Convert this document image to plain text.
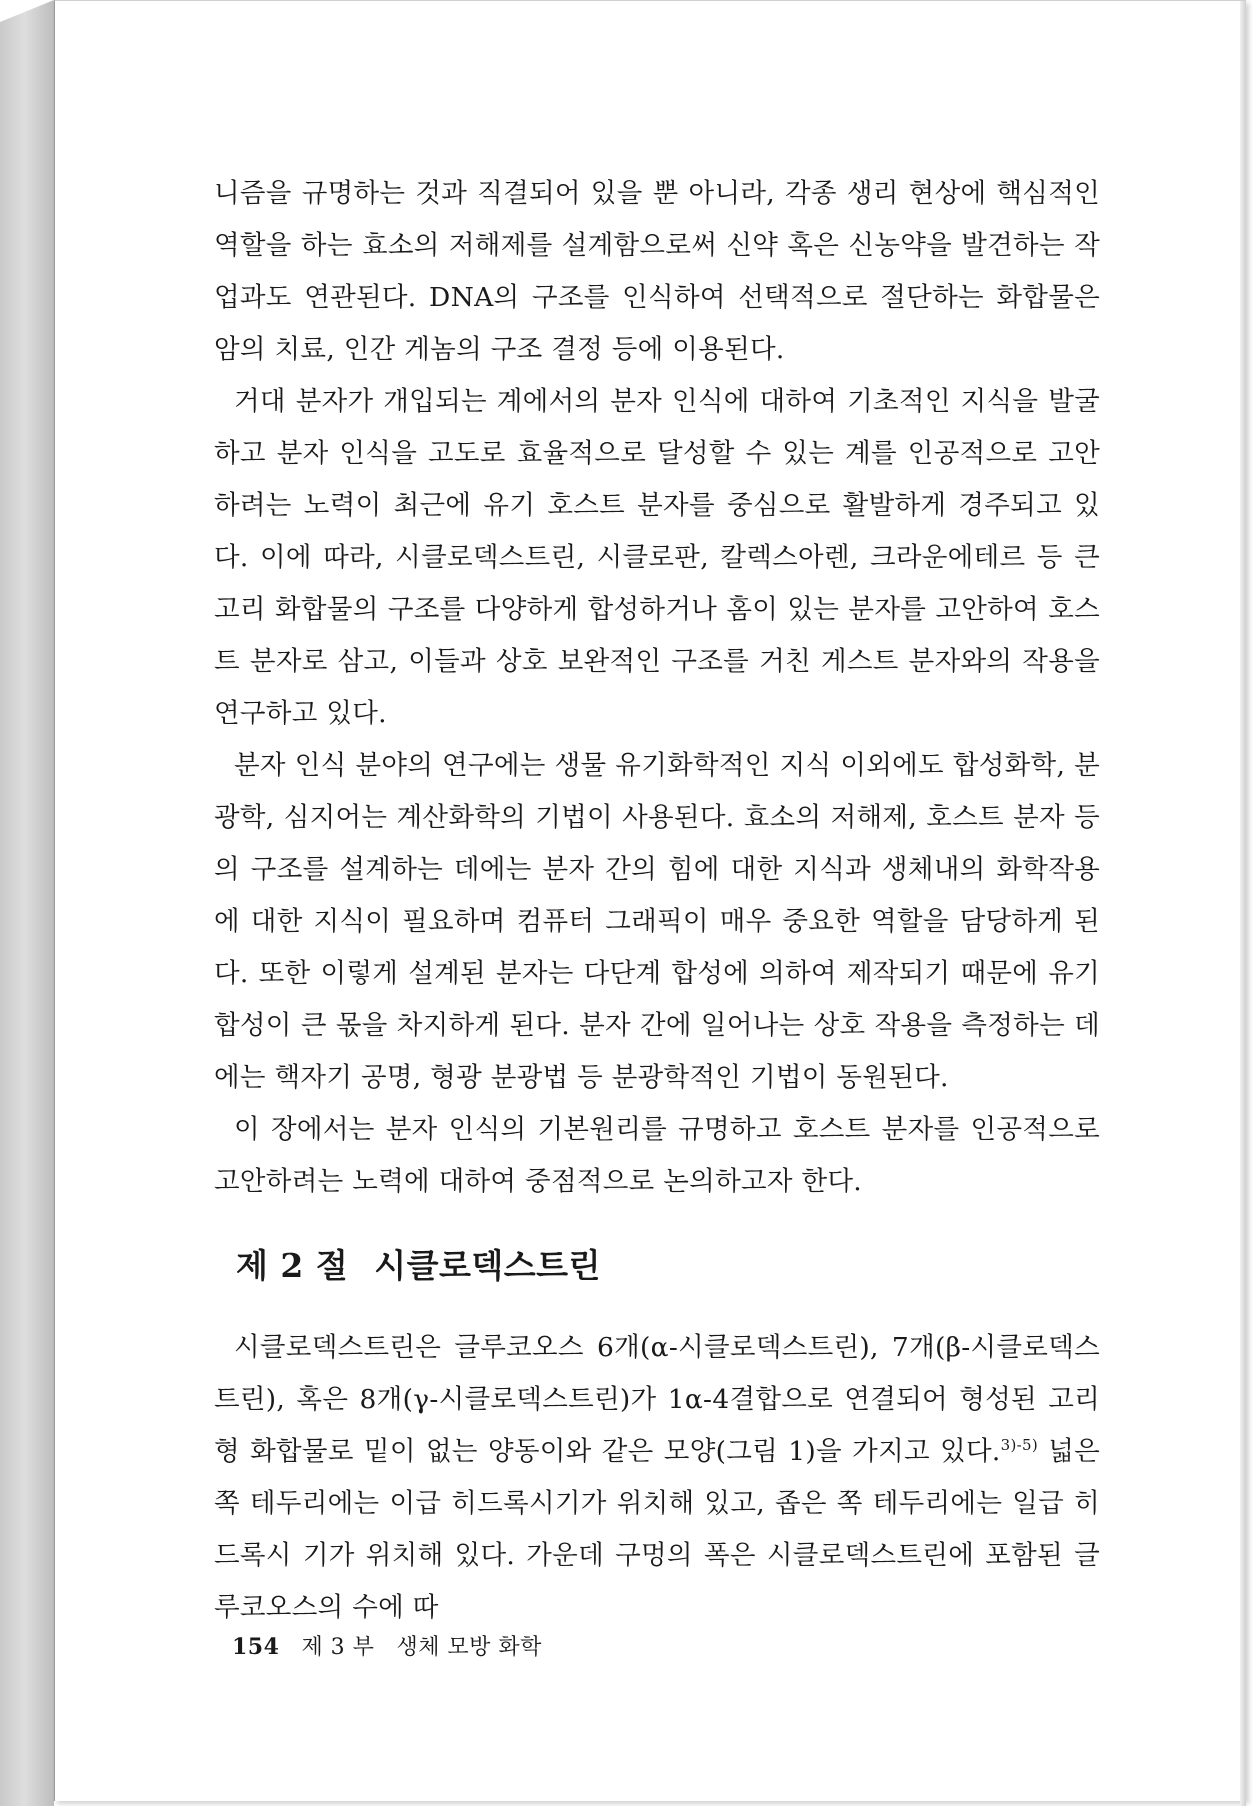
니즘을 규명하는 것과 직결되어 있을 뿐 아니라, 각종 생리 현상에 핵심적인 역할을 하는 효소의 저해제를 설계함으로써 신약 혹은 신농약을 발견하는 작업과도 연관된다. DNA의 구조를 인식하여 선택적으로 절단하는 화합물은 암의 치료, 인간 게놈의 구조 결정 등에 이용된다.

거대 분자가 개입되는 계에서의 분자 인식에 대하여 기초적인 지식을 발굴하고 분자 인식을 고도로 효율적으로 달성할 수 있는 계를 인공적으로 고안하려는 노력이 최근에 유기 호스트 분자를 중심으로 활발하게 경주되고 있다. 이에 따라, 시클로덱스트린, 시클로판, 칼렉스아렌, 크라운에테르 등 큰 고리 화합물의 구조를 다양하게 합성하거나 홈이 있는 분자를 고안하여 호스트 분자로 삼고, 이들과 상호 보완적인 구조를 거친 게스트 분자와의 작용을 연구하고 있다.

분자 인식 분야의 연구에는 생물 유기화학적인 지식 이외에도 합성화학, 분광학, 심지어는 계산화학의 기법이 사용된다. 효소의 저해제, 호스트 분자 등의 구조를 설계하는 데에는 분자 간의 힘에 대한 지식과 생체내의 화학작용에 대한 지식이 필요하며 컴퓨터 그래픽이 매우 중요한 역할을 담당하게 된다. 또한 이렇게 설계된 분자는 다단계 합성에 의하여 제작되기 때문에 유기합성이 큰 몫을 차지하게 된다. 분자 간에 일어나는 상호 작용을 측정하는 데에는 핵자기 공명, 형광 분광법 등 분광학적인 기법이 동원된다.

이 장에서는 분자 인식의 기본원리를 규명하고 호스트 분자를 인공적으로 고안하려는 노력에 대하여 중점적으로 논의하고자 한다.

제 2 절 시클로덱스트린

시클로덱스트린은 글루코오스 6개(α-시클로덱스트린), 7개(β-시클로덱스트린), 혹은 8개(γ-시클로덱스트린)가 1α-4결합으로 연결되어 형성된 고리형 화합물로 밑이 없는 양동이와 같은 모양(그림 1)을 가지고 있다.$^{3)-5)}$ 넓은 쪽 테두리에는 이급 히드록시기가 위치해 있고, 좁은 쪽 테두리에는 일급 히드록시 기가 위치해 있다. 가운데 구멍의 폭은 시클로덱스트린에 포함된 글루코오스의 수에 따

154 제 3 부 생체 모방 화학
